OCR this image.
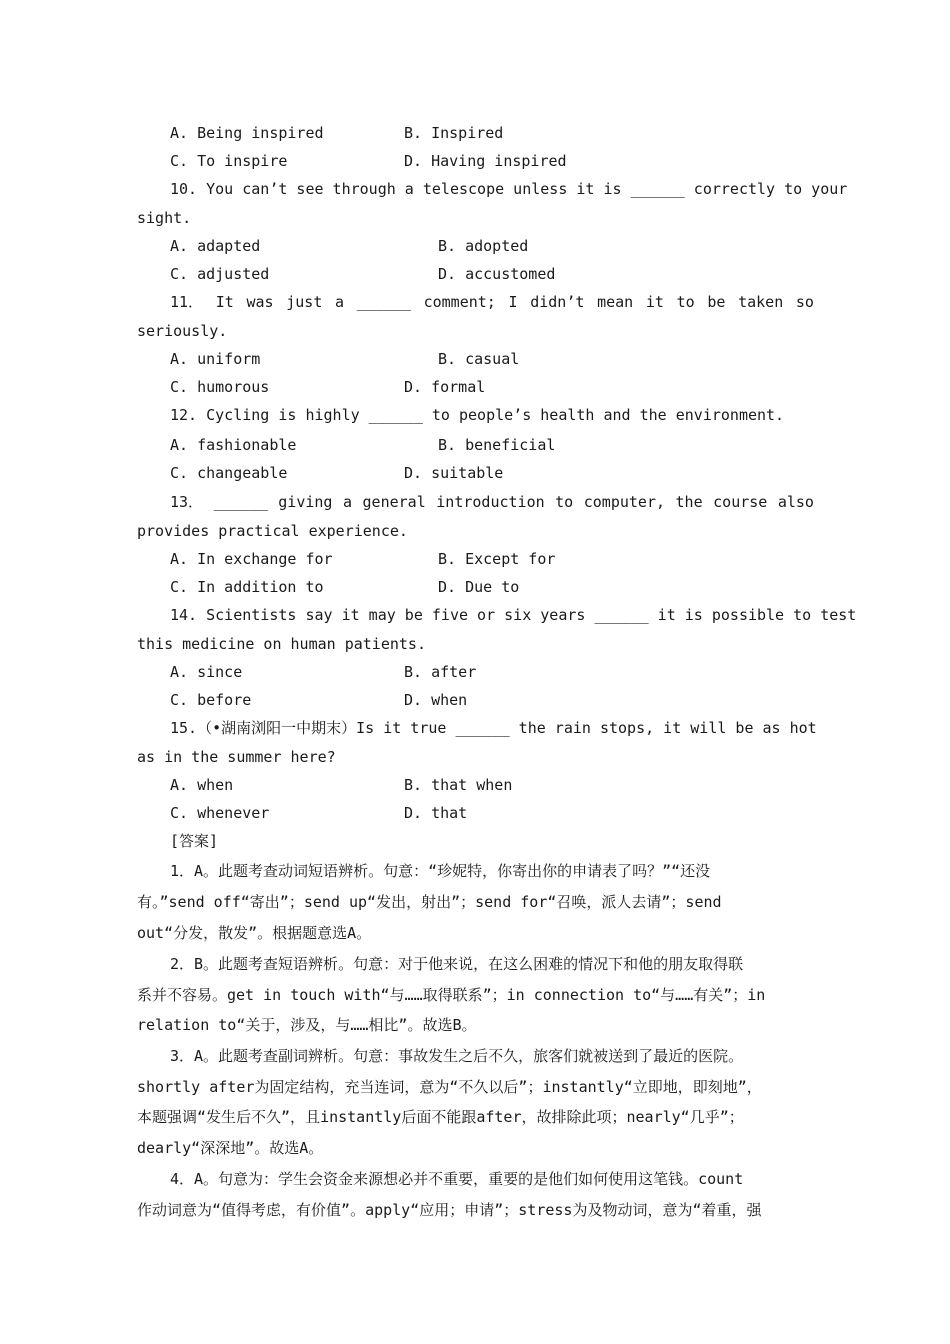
A. Being inspired	B. Inspired
C. To inspire	D. Having inspired
10. You can’t see through a telescope unless it is ______ correctly to your
sight.
A. adapted	B. adopted
C. adjusted	D. accustomed
11． It was just a ______ comment; I didn’t mean it to be taken so
seriously.
A. uniform	B. casual
C. humorous	D. formal
12. Cycling is highly ______ to people’s health and the environment.
A. fashionable	B. beneficial
C. changeable	D. suitable
13． ______ giving a general introduction to computer, the course also
provides practical experience.
A. In exchange for	B. Except for
C. In addition to	D. Due to
14. Scientists say it may be five or six years ______ it is possible to test
this medicine on human patients.
A. since	B. after
C. before	D. when
15.（•湖南浏阳一中期末）Is it true ______ the rain stops, it will be as hot
as in the summer here?
A. when	B. that when
C. whenever	D. that
[答案]
1．A。此题考查动词短语辨析。句意：“珍妮特，你寄出你的申请表了吗？”“还没
有。”send off“寄出”；send up“发出，射出”；send for“召唤，派人去请”；send
out“分发，散发”。根据题意选A。
2．B。此题考查短语辨析。句意：对于他来说，在这么困难的情况下和他的朋友取得联
系并不容易。get in touch with“与……取得联系”；in connection to“与……有关”；in
relation to“关于，涉及，与……相比”。故选B。
3．A。此题考查副词辨析。句意：事故发生之后不久，旅客们就被送到了最近的医院。
shortly after为固定结构，充当连词，意为“不久以后”；instantly“立即地，即刻地”，
本题强调“发生后不久”，且instantly后面不能跟after，故排除此项；nearly“几乎”；
dearly“深深地”。故选A。
4．A。句意为：学生会资金来源想必并不重要，重要的是他们如何使用这笔钱。count
作动词意为“值得考虑，有价值”。apply“应用；申请”；stress为及物动词，意为“着重，强
